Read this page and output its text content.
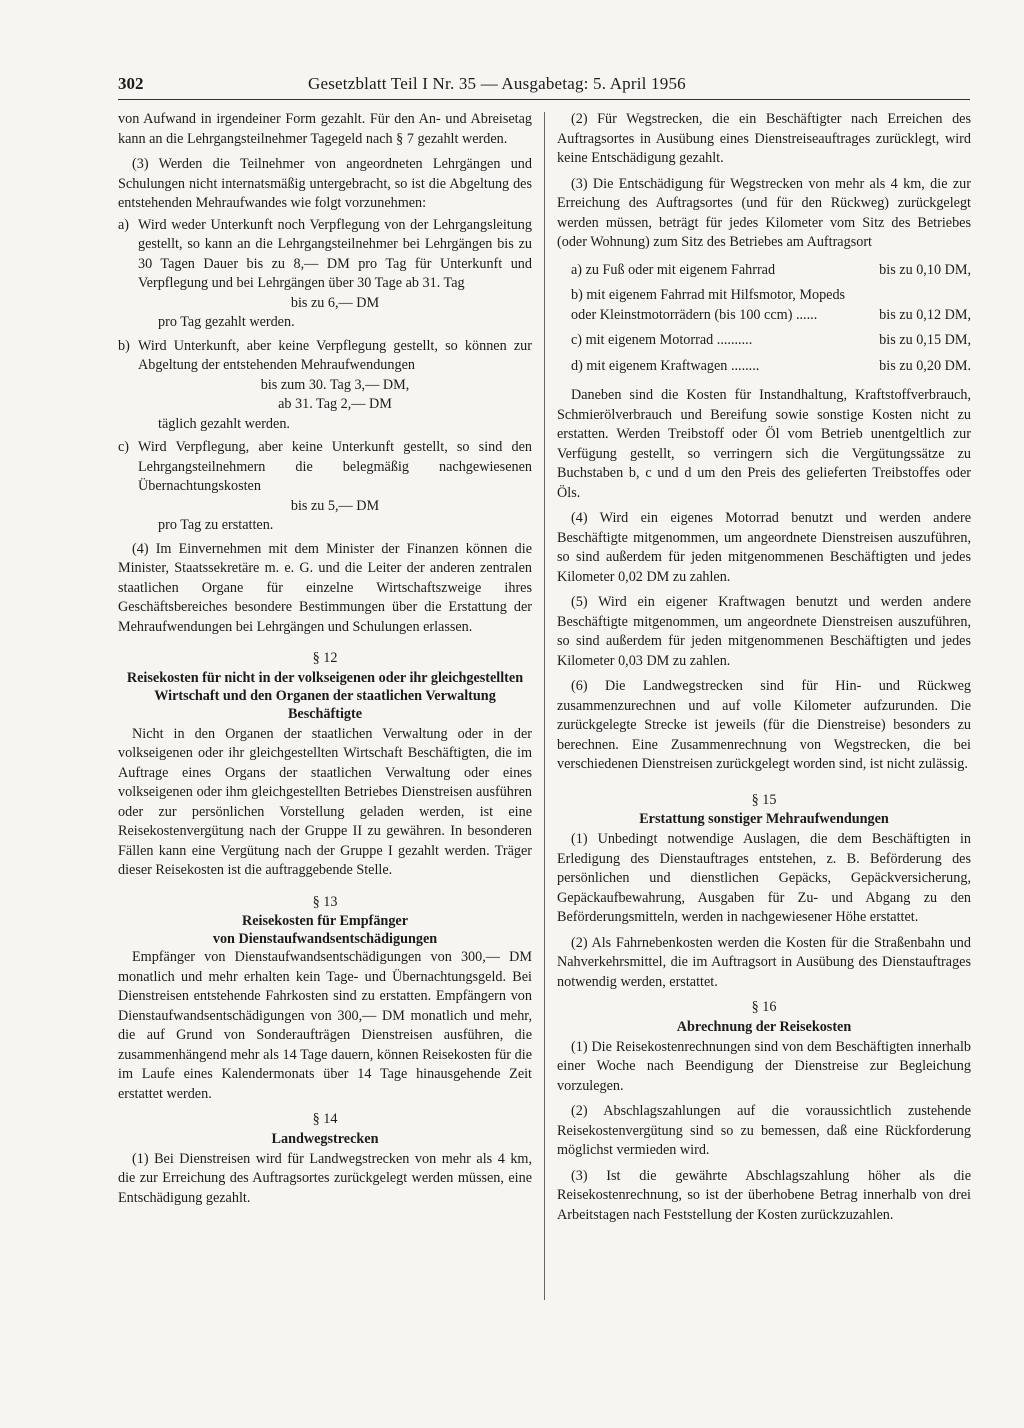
302	Gesetzblatt Teil I Nr. 35 — Ausgabetag: 5. April 1956

von Aufwand in irgendeiner Form gezahlt. Für den An- und Abreisetag kann an die Lehrgangsteilnehmer Tagegeld nach § 7 gezahlt werden.

(3) Werden die Teilnehmer von angeordneten Lehrgängen und Schulungen nicht internatsmäßig untergebracht, so ist die Abgeltung des entstehenden Mehraufwandes wie folgt vorzunehmen:

a) Wird weder Unterkunft noch Verpflegung von der Lehrgangsleitung gestellt, so kann an die Lehrgangsteilnehmer bei Lehrgängen bis zu 30 Tagen Dauer bis zu 8,— DM pro Tag für Unterkunft und Verpflegung und bei Lehrgängen über 30 Tage ab 31. Tag
bis zu 6,— DM
pro Tag gezahlt werden.
b) Wird Unterkunft, aber keine Verpflegung gestellt, so können zur Abgeltung der entstehenden Mehraufwendungen
bis zum 30. Tag 3,— DM,
ab 31. Tag 2,— DM
täglich gezahlt werden.
c) Wird Verpflegung, aber keine Unterkunft gestellt, so sind den Lehrgangsteilnehmern die belegmäßig nachgewiesenen Übernachtungskosten
bis zu 5,— DM
pro Tag zu erstatten.

(4) Im Einvernehmen mit dem Minister der Finanzen können die Minister, Staatssekretäre m. e. G. und die Leiter der anderen zentralen staatlichen Organe für einzelne Wirtschaftszweige ihres Geschäftsbereiches besondere Bestimmungen über die Erstattung der Mehraufwendungen bei Lehrgängen und Schulungen erlassen.

§ 12
Reisekosten für nicht in der volkseigenen oder ihr gleichgestellten Wirtschaft und den Organen der staatlichen Verwaltung Beschäftigte

Nicht in den Organen der staatlichen Verwaltung oder in der volkseigenen oder ihr gleichgestellten Wirtschaft Beschäftigten, die im Auftrage eines Organs der staatlichen Verwaltung oder eines volkseigenen oder ihm gleichgestellten Betriebes Dienstreisen ausführen oder zur persönlichen Vorstellung geladen werden, ist eine Reisekostenvergütung nach der Gruppe II zu gewähren. In besonderen Fällen kann eine Vergütung nach der Gruppe I gezahlt werden. Träger dieser Reisekosten ist die auftraggebende Stelle.

§ 13
Reisekosten für Empfänger
von Dienstaufwandsentschädigungen

Empfänger von Dienstaufwandsentschädigungen von 300,— DM monatlich und mehr erhalten kein Tage- und Übernachtungsgeld. Bei Dienstreisen entstehende Fahrkosten sind zu erstatten. Empfängern von Dienstaufwandsentschädigungen von 300,— DM monatlich und mehr, die auf Grund von Sonderaufträgen Dienstreisen ausführen, die zusammenhängend mehr als 14 Tage dauern, können Reisekosten für die im Laufe eines Kalendermonats über 14 Tage hinausgehende Zeit erstattet werden.

§ 14
Landwegstrecken

(1) Bei Dienstreisen wird für Landwegstrecken von mehr als 4 km, die zur Erreichung des Auftragsortes zurückgelegt werden müssen, eine Entschädigung gezahlt.

(2) Für Wegstrecken, die ein Beschäftigter nach Erreichen des Auftragsortes in Ausübung eines Dienstreiseauftrages zurücklegt, wird keine Entschädigung gezahlt.

(3) Die Entschädigung für Wegstrecken von mehr als 4 km, die zur Erreichung des Auftragsortes (und für den Rückweg) zurückgelegt werden müssen, beträgt für jedes Kilometer vom Sitz des Betriebes (oder Wohnung) zum Sitz des Betriebes am Auftragsort

a) zu Fuß oder mit eigenem Fahrrad	bis zu 0,10 DM,
b) mit eigenem Fahrrad mit Hilfsmotor, Mopeds oder Kleinstmotorrädern (bis 100 ccm) ......	bis zu 0,12 DM,
c) mit eigenem Motorrad ..........	bis zu 0,15 DM,
d) mit eigenem Kraftwagen ........	bis zu 0,20 DM.

Daneben sind die Kosten für Instandhaltung, Kraftstoffverbrauch, Schmierölverbrauch und Bereifung sowie sonstige Kosten nicht zu erstatten. Werden Treibstoff oder Öl vom Betrieb unentgeltlich zur Verfügung gestellt, so verringern sich die Vergütungssätze zu Buchstaben b, c und d um den Preis des gelieferten Treibstoffes oder Öls.

(4) Wird ein eigenes Motorrad benutzt und werden andere Beschäftigte mitgenommen, um angeordnete Dienstreisen auszuführen, so sind außerdem für jeden mitgenommenen Beschäftigten und jedes Kilometer 0,02 DM zu zahlen.

(5) Wird ein eigener Kraftwagen benutzt und werden andere Beschäftigte mitgenommen, um angeordnete Dienstreisen auszuführen, so sind außerdem für jeden mitgenommenen Beschäftigten und jedes Kilometer 0,03 DM zu zahlen.

(6) Die Landwegstrecken sind für Hin- und Rückweg zusammenzurechnen und auf volle Kilometer aufzurunden. Die zurückgelegte Strecke ist jeweils (für die Dienstreise) besonders zu berechnen. Eine Zusammenrechnung von Wegstrecken, die bei verschiedenen Dienstreisen zurückgelegt worden sind, ist nicht zulässig.

§ 15
Erstattung sonstiger Mehraufwendungen

(1) Unbedingt notwendige Auslagen, die dem Beschäftigten in Erledigung des Dienstauftrages entstehen, z. B. Beförderung des persönlichen und dienstlichen Gepäcks, Gepäckversicherung, Gepäckaufbewahrung, Ausgaben für Zu- und Abgang zu den Beförderungsmitteln, werden in nachgewiesener Höhe erstattet.

(2) Als Fahrnebenkosten werden die Kosten für die Straßenbahn und Nahverkehrsmittel, die im Auftragsort in Ausübung des Dienstauftrages notwendig werden, erstattet.

§ 16
Abrechnung der Reisekosten

(1) Die Reisekostenrechnungen sind von dem Beschäftigten innerhalb einer Woche nach Beendigung der Dienstreise zur Begleichung vorzulegen.

(2) Abschlagszahlungen auf die voraussichtlich zustehende Reisekostenvergütung sind so zu bemessen, daß eine Rückforderung möglichst vermieden wird.

(3) Ist die gewährte Abschlagszahlung höher als die Reisekostenrechnung, so ist der überhobene Betrag innerhalb von drei Arbeitstagen nach Feststellung der Kosten zurückzuzahlen.
